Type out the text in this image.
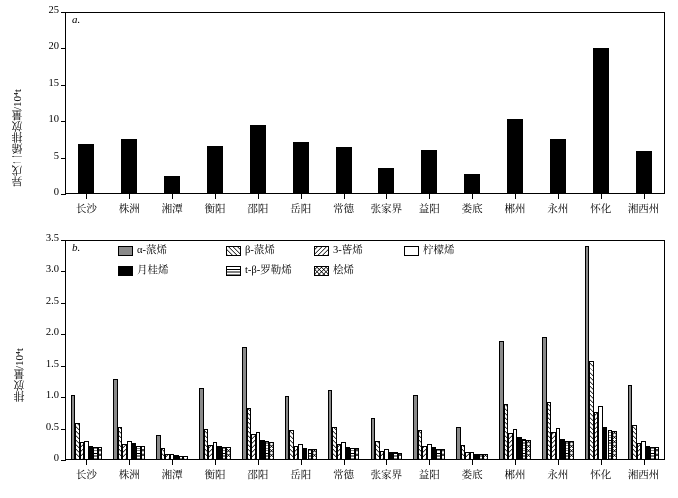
a.
异戊二烯排放量/10⁴t
0
5
10
15
20
25
长沙	株洲	湘潭	衡阳	邵阳	岳阳	常德	张家界	益阳	娄底	郴州	永州	怀化	湘西州
b.
排放量/10⁴t
0
0.5
1.0
1.5
2.0
2.5
3.0
3.5
长沙	株洲	湘潭	衡阳	邵阳	岳阳	常德	张家界	益阳	娄底	郴州	永州	怀化	湘西州
α-蒎烯	β-蒎烯	3-蒈烯	柠檬烯
月桂烯	t-β-罗勒烯	桧烯
